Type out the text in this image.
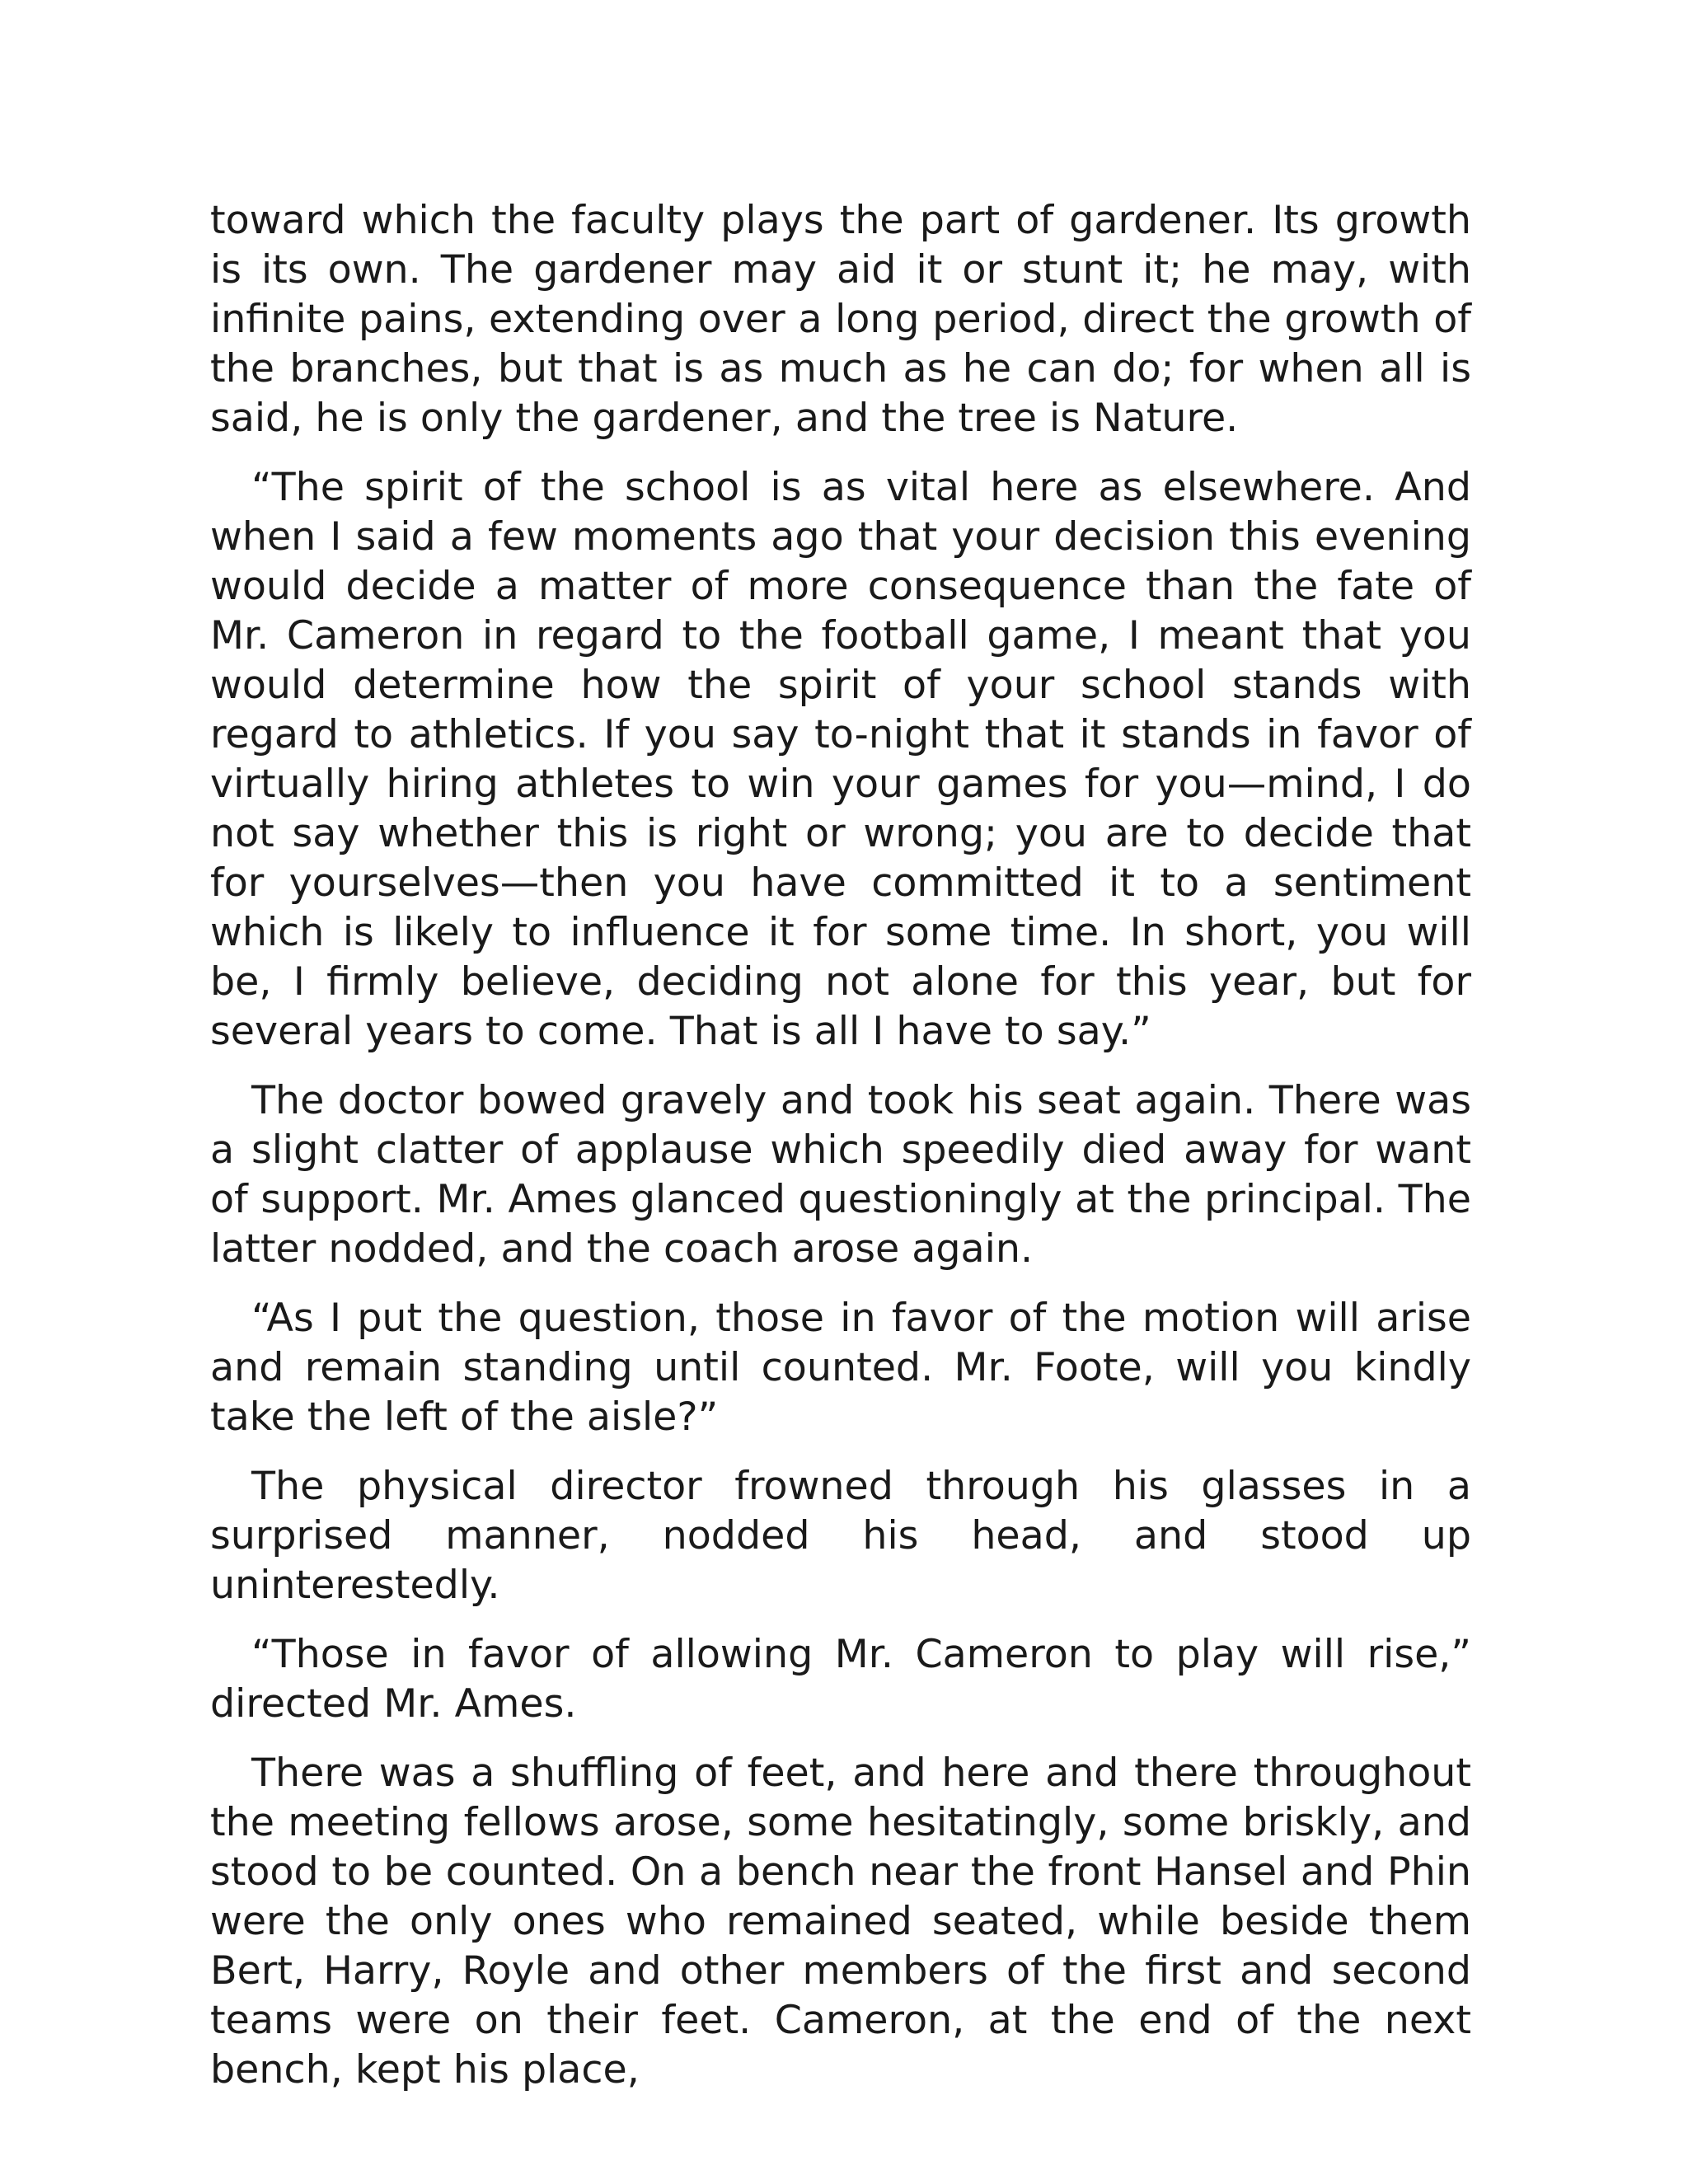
toward which the faculty plays the part of gardener. Its growth is its own. The gardener may aid it or stunt it; he may, with infinite pains, extending over a long period, direct the growth of the branches, but that is as much as he can do; for when all is said, he is only the gardener, and the tree is Nature.

“The spirit of the school is as vital here as elsewhere. And when I said a few moments ago that your decision this evening would decide a matter of more consequence than the fate of Mr. Cameron in regard to the football game, I meant that you would determine how the spirit of your school stands with regard to athletics. If you say to-night that it stands in favor of virtually hiring athletes to win your games for you—mind, I do not say whether this is right or wrong; you are to decide that for yourselves—then you have committed it to a sentiment which is likely to influence it for some time. In short, you will be, I firmly believe, deciding not alone for this year, but for several years to come. That is all I have to say.”

The doctor bowed gravely and took his seat again. There was a slight clatter of applause which speedily died away for want of support. Mr. Ames glanced questioningly at the principal. The latter nodded, and the coach arose again.

“As I put the question, those in favor of the motion will arise and remain standing until counted. Mr. Foote, will you kindly take the left of the aisle?”

The physical director frowned through his glasses in a surprised manner, nodded his head, and stood up uninterestedly.

“Those in favor of allowing Mr. Cameron to play will rise,” directed Mr. Ames.

There was a shuffling of feet, and here and there throughout the meeting fellows arose, some hesitatingly, some briskly, and stood to be counted. On a bench near the front Hansel and Phin were the only ones who remained seated, while beside them Bert, Harry, Royle and other members of the first and second teams were on their feet. Cameron, at the end of the next bench, kept his place,
